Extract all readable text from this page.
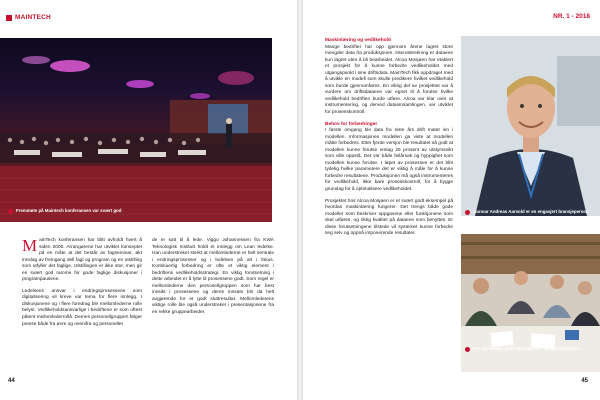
MAINTECH
Fremmøte på Maintech konferansen var svært god

MainTech konferansen har blitt avholdt hvert å siden 2000. Arrangørene har utviklet konseptet på en måte at det består av fagseminar, økt innslag av fremgang dell fagl og program og en utstilling som utfyller det faglige. Utstillingen er ikke stor, men gir en svært god ramme for gode faglige diskusjoner i programpausene.

Ledelsens ansvar i endringsprosessene som digitalisering vil kreve var tema for flere innlegg. I diskusjonene og i flere foredrag ble mellomlederne rolle belyst. Vedlikeholdsansvarlige i bedriftene er som oftest påtent mellomlederrollå. Dernes personellgruppen følger presse både fra øvre og ovenifra og personellet

de er satt til å lede. Viggo Johannessen fra KWA Teknologisk Institutt holdt et innlegg om Lean ledelse. Han understreket sterkt at mellomlederne er helt sentrale i endringsprosesser og i ledelsen på alt i fokus. Kontinuerlig forbedring er ofte et viktig element i bedriftens vedlikeholdsstrategi. En viktig forutsetning i dette arbeidet er å lytte til prosessene godt. Som regel er mellomlederne den personellgruppen som har best innsikt i prosessene og deres innsats blir da helt avgjørende for et godt sluttresultat. Mellomlederens viktige rolle ble også understreket i presentasjonene fra en rekke gruppearbeider.

44
NR. 1 - 2018
Maskinlæring og vedlikehold

Mange bedrifter har opp gjennom årene lagret store mengder data fra produksjonen. Interutstrekning er dataene kun lagret uten å bli bearbeidet. Alcoa Mosjøen har etablert et prosjekt for å kunne forbedre vedlikeholdet med utgangspunkt i sine driftsdata. MainTech fikk oppdraget med å utvikle en modell som skulle predikere hvilket vedlikehold som burde gjennomføres. En viktig del av prosjektet var å vurdere om driftsdataene var egnet til å forutse hvilke vedlikehold bedriften burde utføre. Alcoa var klar over at instrumentering, og derved datainnsamlingen, var utviklet for prosesskontroll.

Behov for forbedringer

I første omgang ble data fra siste års drift matet inn i modellen. Informasjonen modellen ga viste at modellen måtte forbedres. Etter fjerde versjon ble resultatet så godt at modellen kunne forutse omlag 25 prosent av utstyrssvikt som ville oppstå. Det var både feilårsak og hyppighet som modellen kunne forutse. I løpet av prosessen er det blitt tydelig hvilke parametere det er viktig å måle for å kunne forbedre resultatene. Produksjonen må også instrumenteres for vedlikehold, ikke bare prosesskontroll, for å bygge grunnlag for å optimalisere vedlikeholdet.

Prosjektet hos Alcoa Mosjøen er et svært godt eksempel på hvordan maskinlæring fungerer. Det trengs både gode modeller som beskriver oppgavene eller funksjonene som skal utføres, og riktig kvalitet på dataene som benyttes. Er disse forutsetningene tilstede vil systemet kunne forbedre seg selv og oppnå imponerende resultater.

Gunnar Andreas Aarvold er en engasjert bransjeperson
Det var mange gode diskusjoner i gruppearbeidene
45
